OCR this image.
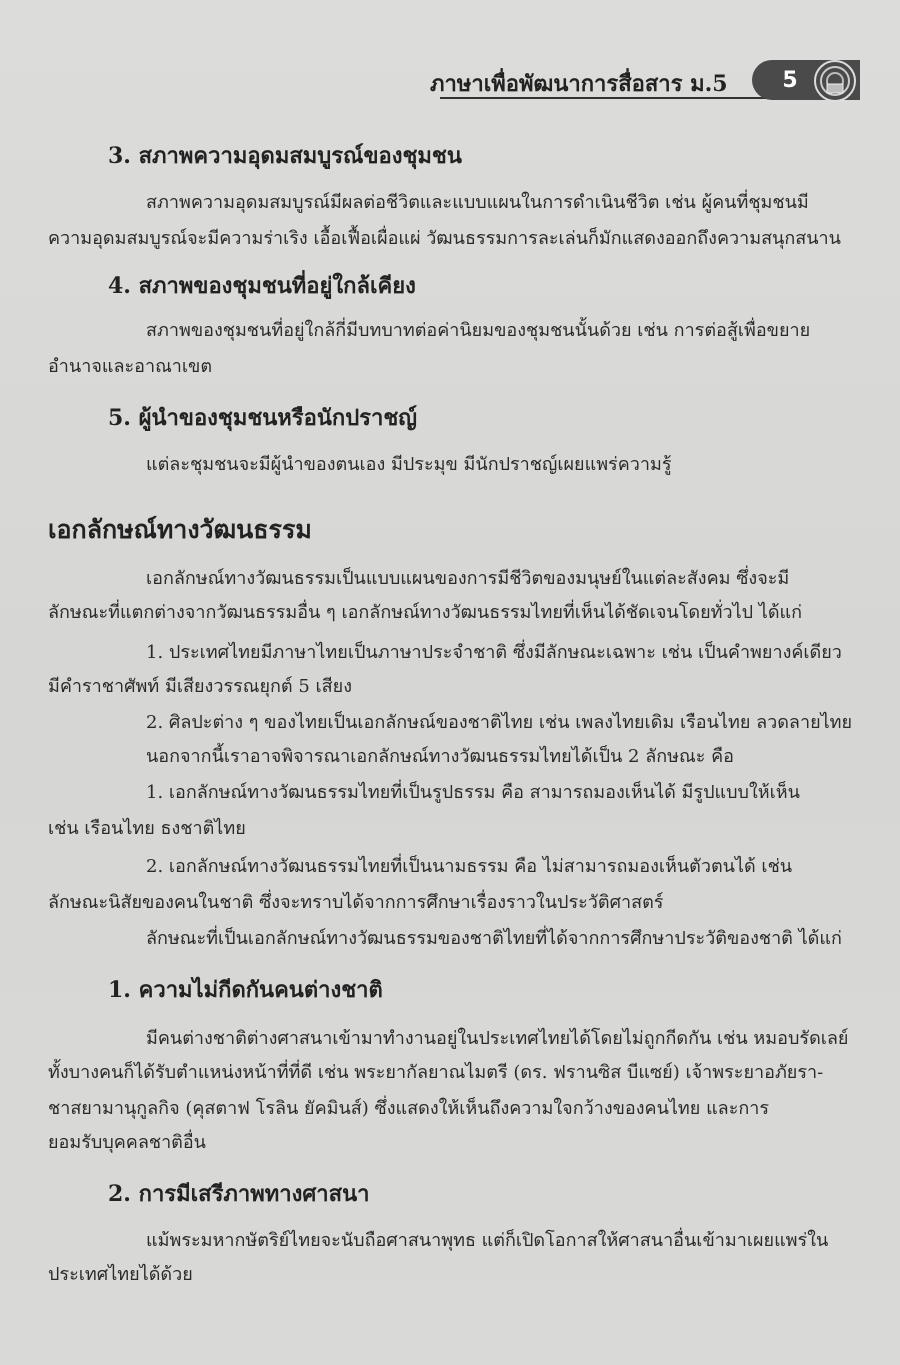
ภาษาเพื่อพัฒนาการสื่อสาร ม.5	5
3. สภาพความอุดมสมบูรณ์ของชุมชน
สภาพความอุดมสมบูรณ์มีผลต่อชีวิตและแบบแผนในการดำเนินชีวิต เช่น ผู้คนที่ชุมชนมี
ความอุดมสมบูรณ์จะมีความร่าเริง เอื้อเฟื้อเผื่อแผ่ วัฒนธรรมการละเล่นก็มักแสดงออกถึงความสนุกสนาน
4. สภาพของชุมชนที่อยู่ใกล้เคียง
สภาพของชุมชนที่อยู่ใกล้กี่มีบทบาทต่อค่านิยมของชุมชนนั้นด้วย เช่น การต่อสู้เพื่อขยาย
อำนาจและอาณาเขต
5. ผู้นำของชุมชนหรือนักปราชญ์
แต่ละชุมชนจะมีผู้นำของตนเอง มีประมุข มีนักปราชญ์เผยแพร่ความรู้
เอกลักษณ์ทางวัฒนธรรม
เอกลักษณ์ทางวัฒนธรรมเป็นแบบแผนของการมีชีวิตของมนุษย์ในแต่ละสังคม ซึ่งจะมี
ลักษณะที่แตกต่างจากวัฒนธรรมอื่น ๆ เอกลักษณ์ทางวัฒนธรรมไทยที่เห็นได้ชัดเจนโดยทั่วไป ได้แก่
1. ประเทศไทยมีภาษาไทยเป็นภาษาประจำชาติ ซึ่งมีลักษณะเฉพาะ เช่น เป็นคำพยางค์เดียว
มีคำราชาศัพท์ มีเสียงวรรณยุกต์ 5 เสียง
2. ศิลปะต่าง ๆ ของไทยเป็นเอกลักษณ์ของชาติไทย เช่น เพลงไทยเดิม เรือนไทย ลวดลายไทย
นอกจากนี้เราอาจพิจารณาเอกลักษณ์ทางวัฒนธรรมไทยได้เป็น 2 ลักษณะ คือ
1. เอกลักษณ์ทางวัฒนธรรมไทยที่เป็นรูปธรรม คือ สามารถมองเห็นได้ มีรูปแบบให้เห็น
เช่น เรือนไทย ธงชาติไทย
2. เอกลักษณ์ทางวัฒนธรรมไทยที่เป็นนามธรรม คือ ไม่สามารถมองเห็นตัวตนได้ เช่น
ลักษณะนิสัยของคนในชาติ ซึ่งจะทราบได้จากการศึกษาเรื่องราวในประวัติศาสตร์
ลักษณะที่เป็นเอกลักษณ์ทางวัฒนธรรมของชาติไทยที่ได้จากการศึกษาประวัติของชาติ ได้แก่
1. ความไม่กีดกันคนต่างชาติ
มีคนต่างชาติต่างศาสนาเข้ามาทำงานอยู่ในประเทศไทยได้โดยไม่ถูกกีดกัน เช่น หมอบรัดเลย์
ทั้งบางคนก็ได้รับตำแหน่งหน้าที่ที่ดี เช่น พระยากัลยาณไมตรี (ดร. ฟรานซิส บีแซย์) เจ้าพระยาอภัยรา-
ชาสยามานุกูลกิจ (คุสตาฟ โรลิน ยัคมินส์) ซึ่งแสดงให้เห็นถึงความใจกว้างของคนไทย และการ
ยอมรับบุคคลชาติอื่น
2. การมีเสรีภาพทางศาสนา
แม้พระมหากษัตริย์ไทยจะนับถือศาสนาพุทธ แต่ก็เปิดโอกาสให้ศาสนาอื่นเข้ามาเผยแพร่ใน
ประเทศไทยได้ด้วย
